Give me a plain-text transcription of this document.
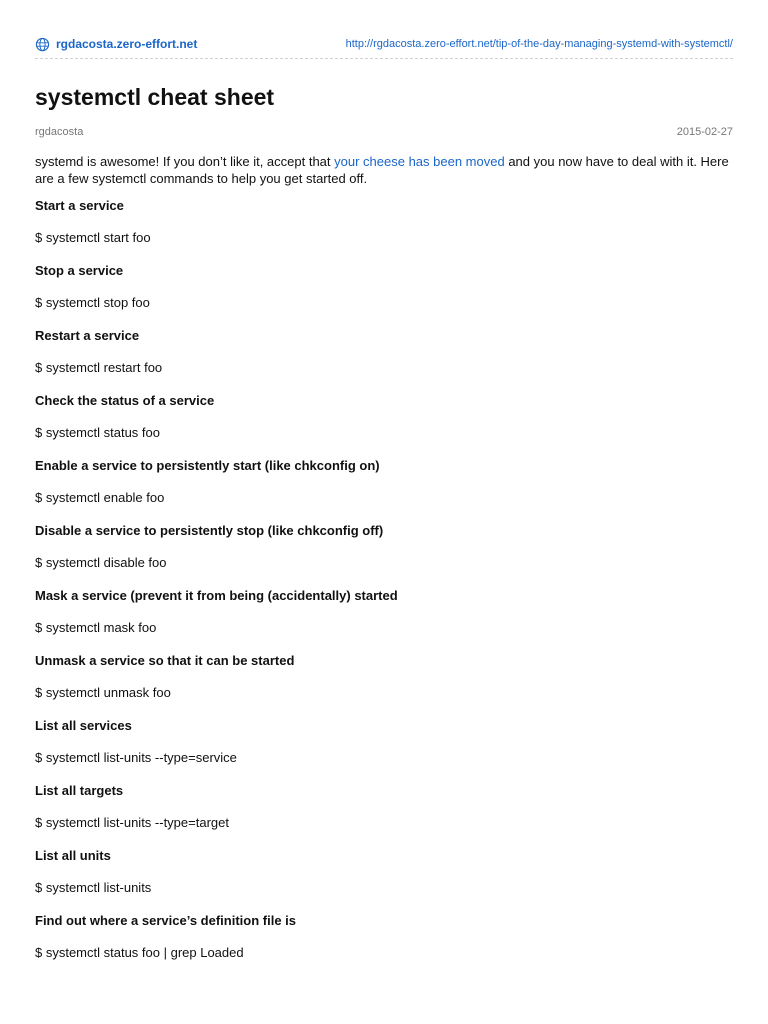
rgdacosta.zero-effort.net	http://rgdacosta.zero-effort.net/tip-of-the-day-managing-systemd-with-systemctl/
systemctl cheat sheet
rgdacosta	2015-02-27

systemd is awesome! If you don’t like it, accept that your cheese has been moved and you now have to deal with it. Here are a few systemctl commands to help you get started off.

Start a service

$ systemctl start foo

Stop a service

$ systemctl stop foo

Restart a service

$ systemctl restart foo

Check the status of a service

$ systemctl status foo

Enable a service to persistently start (like chkconfig on)

$ systemctl enable foo

Disable a service to persistently stop (like chkconfig off)

$ systemctl disable foo

Mask a service (prevent it from being (accidentally) started

$ systemctl mask foo

Unmask a service so that it can be started

$ systemctl unmask foo

List all services

$ systemctl list-units --type=service

List all targets

$ systemctl list-units --type=target

List all units

$ systemctl list-units

Find out where a service’s definition file is

$ systemctl status foo | grep Loaded
